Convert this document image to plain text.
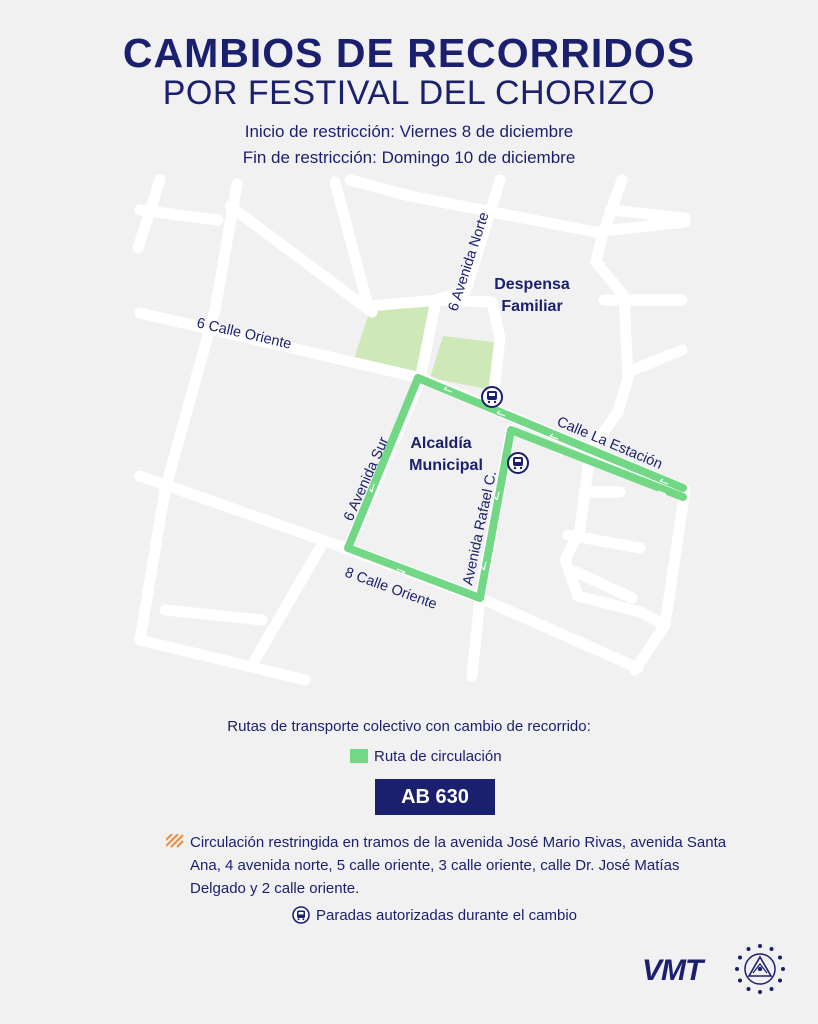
CAMBIOS DE RECORRIDOS
POR FESTIVAL DEL CHORIZO
Inicio de restricción: Viernes 8 de diciembre
Fin de restricción: Domingo 10 de diciembre
6 Calle Oriente
6 Avenida Norte
6 Avenida Sur
8 Calle Oriente
Avenida Rafael C.
Calle La Estación
Despensa
Familiar
Alcaldía
Municipal
Rutas de transporte colectivo con cambio de recorrido:
Ruta de circulación
AB 630
Circulación restringida en tramos de la avenida José Mario Rivas, avenida Santa Ana, 4 avenida norte, 5 calle oriente, 3 calle oriente, calle Dr. José Matías Delgado y 2 calle oriente.
Paradas autorizadas durante el cambio
VMT
